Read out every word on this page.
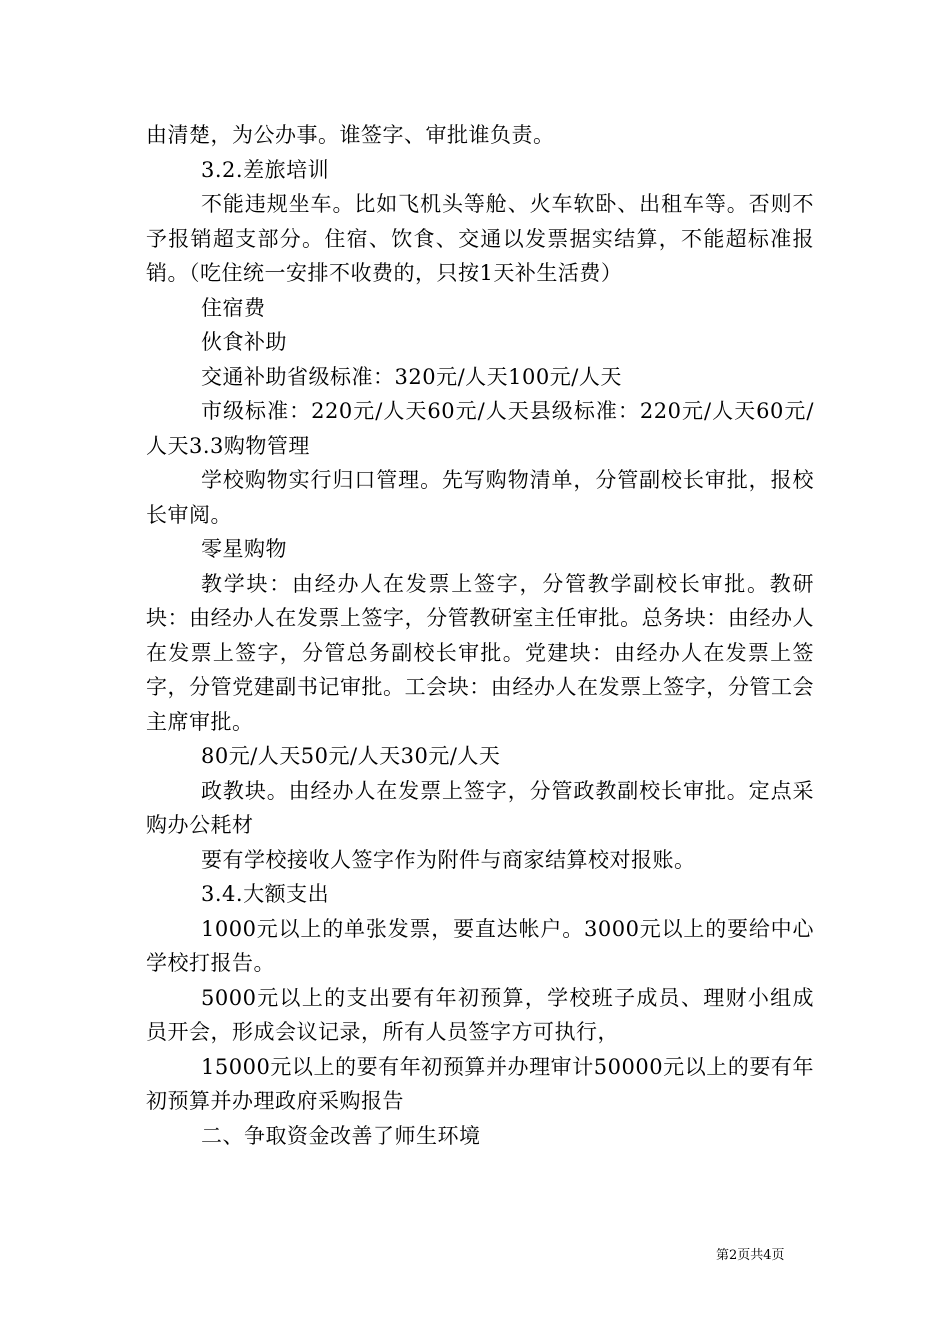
由清楚，为公办事。谁签字、审批谁负责。

3.2.差旅培训

不能违规坐车。比如飞机头等舱、火车软卧、出租车等。否则不予报销超支部分。住宿、饮食、交通以发票据实结算，不能超标准报销。（吃住统一安排不收费的，只按1天补生活费）

住宿费

伙食补助

交通补助省级标准：320元/人天100元/人天

市级标准：220元/人天60元/人天县级标准：220元/人天60元/人天3.3购物管理

学校购物实行归口管理。先写购物清单，分管副校长审批，报校长审阅。

零星购物

教学块：由经办人在发票上签字，分管教学副校长审批。教研块：由经办人在发票上签字，分管教研室主任审批。总务块：由经办人在发票上签字，分管总务副校长审批。党建块：由经办人在发票上签字，分管党建副书记审批。工会块：由经办人在发票上签字，分管工会主席审批。

80元/人天50元/人天30元/人天

政教块。由经办人在发票上签字，分管政教副校长审批。定点采购办公耗材

要有学校接收人签字作为附件与商家结算校对报账。

3.4.大额支出

1000元以上的单张发票，要直达帐户。3000元以上的要给中心学校打报告。

5000元以上的支出要有年初预算，学校班子成员、理财小组成员开会，形成会议记录，所有人员签字方可执行，

15000元以上的要有年初预算并办理审计50000元以上的要有年初预算并办理政府采购报告

二、争取资金改善了师生环境

第2页共4页
